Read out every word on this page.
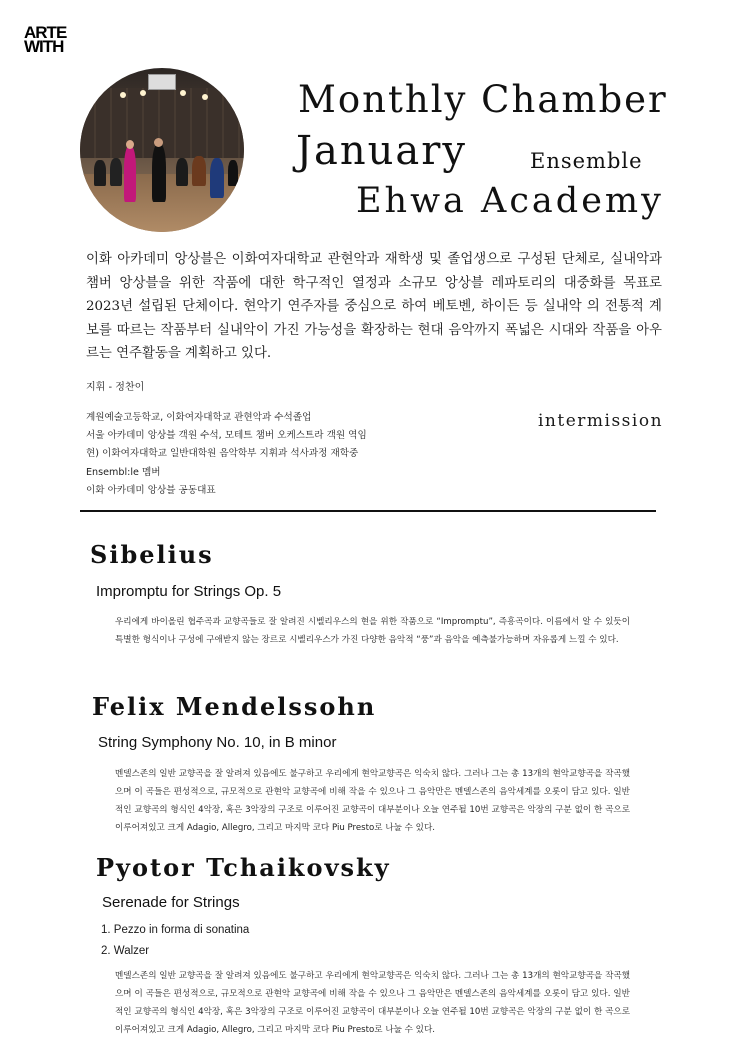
ARTE
WITH
Monthly Chamber
January	Ensemble
Ehwa Academy
이화 아카데미 앙상블은 이화여자대학교 관현악과 재학생 및 졸업생으로 구성된 단체로, 실내악과 챔버 앙상블을 위한 작품에 대한 학구적인 열정과 소규모 앙상블 레파토리의 대중화를 목표로 2023년 설립된 단체이다. 현악기 연주자를 중심으로 하여 베토벤, 하이든 등 실내악 의 전통적 계보를 따르는 작품부터 실내악이 가진 가능성을 확장하는 현대 음악까지 폭넓은 시대와 작품을 아우르는 연주활동을 계획하고 있다.
지휘 - 정찬이
계원예술고등학교, 이화여자대학교 관현악과 수석졸업
서울 아카데미 앙상블 객원 수석, 모테트 챔버 오케스트라 객원 역임
현) 이화여자대학교 일반대학원 음악학부 지휘과 석사과정 재학중
Ensembl:le 멤버
이화 아카데미 앙상블 공동대표
intermission
Sibelius
Impromptu for Strings Op. 5
우리에게 바이올린 협주곡과 교향곡들로 잘 알려진 시벨리우스의 현을 위한 작품으로 “Impromptu”, 즉흥곡이다. 이름에서 알 수 있듯이 특별한 형식이나 구성에 구애받지 않는 장르로 시벨리우스가 가진 다양한 음악적 “풍”과 음악을 예측불가능하며 자유롭게 느낄 수 있다.
Felix Mendelssohn
String Symphony No. 10, in B minor
멘델스존의 일반 교향곡을 잘 알려져 있음에도 불구하고 우리에게 현악교향곡은 익숙치 않다. 그러나 그는 총 13개의 현악교향곡을 작곡했으며 이 곡들은 편성적으로, 규모적으로 관현악 교향곡에 비해 작을 수 있으나 그 음악만은 멘델스존의 음악세계를 오롯이 담고 있다. 일반적인 교향곡의 형식인 4악장, 혹은 3악장의 구조로 이루어진 교향곡이 대부분이나 오늘 연주될 10번 교향곡은 악장의 구분 없이 한 곡으로 이루어져있고 크게 Adagio, Allegro, 그리고 마지막 코다 Piu Presto로 나눌 수 있다.
Pyotor Tchaikovsky
Serenade for Strings
1. Pezzo in forma di sonatina
2. Walzer
멘델스존의 일반 교향곡을 잘 알려져 있음에도 불구하고 우리에게 현악교향곡은 익숙치 않다. 그러나 그는 총 13개의 현악교향곡을 작곡했으며 이 곡들은 편성적으로, 규모적으로 관현악 교향곡에 비해 작을 수 있으나 그 음악만은 멘델스존의 음악세계를 오롯이 담고 있다. 일반적인 교향곡의 형식인 4악장, 혹은 3악장의 구조로 이루어진 교향곡이 대부분이나 오늘 연주될 10번 교향곡은 악장의 구분 없이 한 곡으로 이루어져있고 크게 Adagio, Allegro, 그리고 마지막 코다 Piu Presto로 나눌 수 있다.
